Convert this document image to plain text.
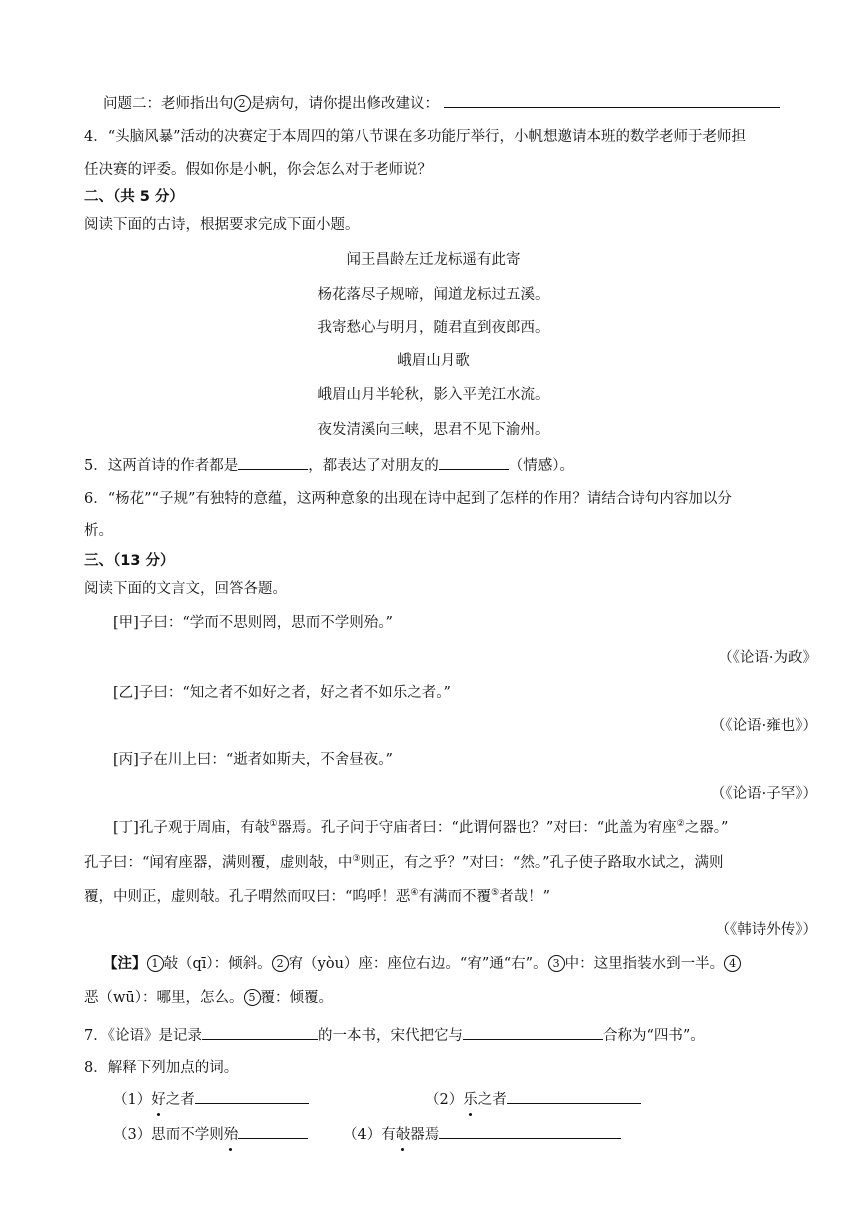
问题二：老师指出句 2 是病句，请你提出修改建议：
4．“头脑风暴”活动的决赛定于本周四的第八节课在多功能厅举行，小帆想邀请本班的数学老师于老师担
任决赛的评委。假如你是小帆，你会怎么对于老师说？
二、（共 5 分）
阅读下面的古诗，根据要求完成下面小题。
闻王昌龄左迁龙标遥有此寄
杨花落尽子规啼，闻道龙标过五溪。
我寄愁心与明月，随君直到夜郎西。
峨眉山月歌
峨眉山月半轮秋，影入平羌江水流。
夜发清溪向三峡，思君不见下渝州。
5．这两首诗的作者都是	，都表达了对朋友的	（情感）。
6．“杨花”“子规”有独特的意蕴，这两种意象的出现在诗中起到了怎样的作用？请结合诗句内容加以分
析。
三、（13 分）
阅读下面的文言文，回答各题。
[甲]子曰：“学而不思则罔，思而不学则殆。”
（《论语·为政》
[乙]子曰：“知之者不如好之者，好之者不如乐之者。”
（《论语·雍也》）
[丙]子在川上曰：“逝者如斯夫，不舍昼夜。”
（《论语·子罕》）
[丁]孔子观于周庙，有敧①器焉。孔子问于守庙者曰：“此谓何器也？”对曰：“此盖为宥座②之器。”
孔子曰：“闻宥座器，满则覆，虚则敧，中③则正，有之乎？”对曰：“然。”孔子使子路取水试之，满则
覆，中则正，虚则敧。孔子喟然而叹曰：“呜呼！恶④有满而不覆⑤者哉！”
（《韩诗外传》）
【注】 1 敧（qī）：倾斜。 2 宥（yòu）座：座位右边。“宥”通“右”。 3 中：这里指装水到一半。 4
恶（wū）：哪里，怎么。 5 覆：倾覆。
7．《论语》是记录	的一本书，宋代把它与	合称为“四书”。
8．解释下列加点的词。
（1）好之者	（2）乐之者
（3）思而不学则殆	（4）有敧器焉
